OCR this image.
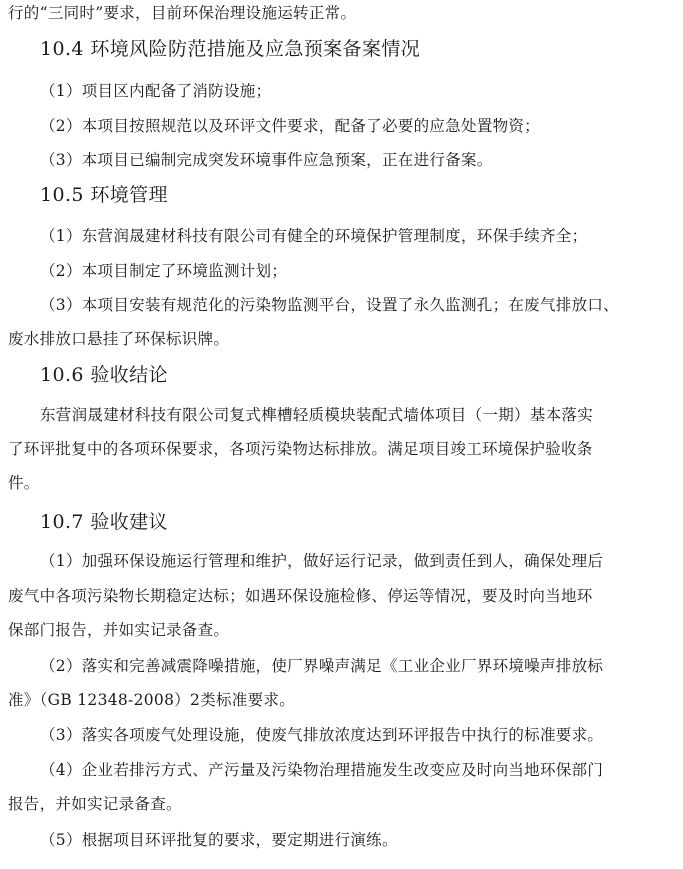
行的“三同时”要求，目前环保治理设施运转正常。
10.4 环境风险防范措施及应急预案备案情况
（1）项目区内配备了消防设施；
（2）本项目按照规范以及环评文件要求，配备了必要的应急处置物资；
（3）本项目已编制完成突发环境事件应急预案，正在进行备案。
10.5 环境管理
（1）东营润晟建材科技有限公司有健全的环境保护管理制度，环保手续齐全；
（2）本项目制定了环境监测计划；
（3）本项目安装有规范化的污染物监测平台，设置了永久监测孔；在废气排放口、
废水排放口悬挂了环保标识牌。
10.6 验收结论
东营润晟建材科技有限公司复式榫槽轻质模块装配式墙体项目（一期）基本落实
了环评批复中的各项环保要求，各项污染物达标排放。满足项目竣工环境保护验收条
件。
10.7 验收建议
（1）加强环保设施运行管理和维护，做好运行记录，做到责任到人，确保处理后
废气中各项污染物长期稳定达标；如遇环保设施检修、停运等情况，要及时向当地环
保部门报告，并如实记录备查。
（2）落实和完善减震降噪措施，使厂界噪声满足《工业企业厂界环境噪声排放标
准》（GB 12348-2008）2类标准要求。
（3）落实各项废气处理设施，使废气排放浓度达到环评报告中执行的标准要求。
（4）企业若排污方式、产污量及污染物治理措施发生改变应及时向当地环保部门
报告，并如实记录备查。
（5）根据项目环评批复的要求，要定期进行演练。
